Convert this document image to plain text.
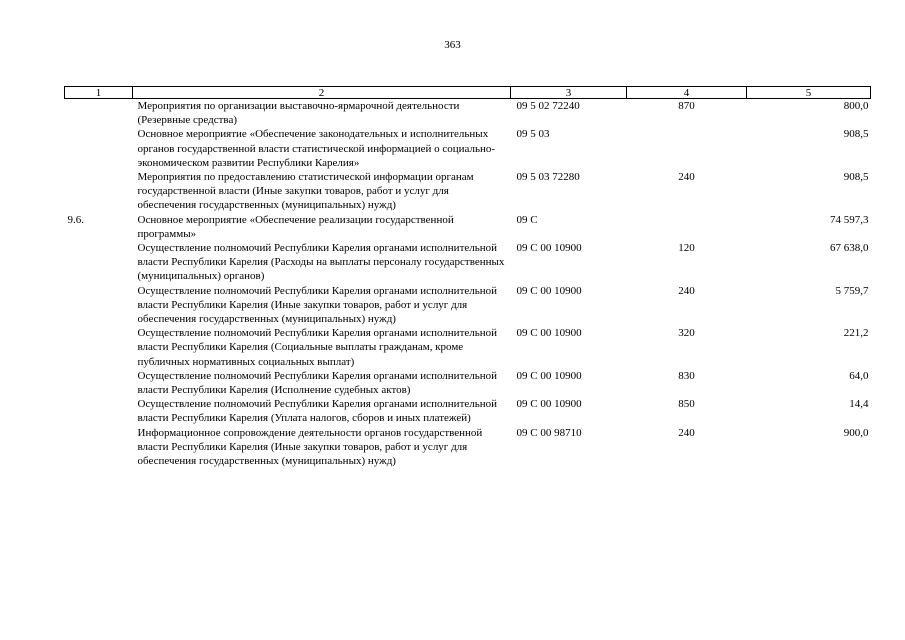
363
1	2	3	4	5
	Мероприятия по организации выставочно-ярмарочной деятельности (Резервные средства)	09 5 02 72240	870	800,0
	Основное мероприятие «Обеспечение законодательных и исполнительных органов государственной власти статистической информацией о социально-экономическом развитии Республики Карелия»	09 5 03		908,5
	Мероприятия по предоставлению статистической информации органам государственной власти (Иные закупки товаров, работ и услуг для обеспечения государственных (муниципальных) нужд)	09 5 03 72280	240	908,5
9.6.	Основное мероприятие «Обеспечение реализации государственной программы»	09 С		74 597,3
	Осуществление полномочий Республики Карелия органами исполнительной власти Республики Карелия (Расходы на выплаты персоналу государственных (муниципальных) органов)	09 С 00 10900	120	67 638,0
	Осуществление полномочий Республики Карелия органами исполнительной власти Республики Карелия (Иные закупки товаров, работ и услуг для обеспечения государственных (муниципальных) нужд)	09 С 00 10900	240	5 759,7
	Осуществление полномочий Республики Карелия органами исполнительной власти Республики Карелия (Социальные выплаты гражданам, кроме публичных нормативных социальных выплат)	09 С 00 10900	320	221,2
	Осуществление полномочий Республики Карелия органами исполнительной власти Республики Карелия (Исполнение судебных актов)	09 С 00 10900	830	64,0
	Осуществление полномочий Республики Карелия органами исполнительной власти Республики Карелия (Уплата налогов, сборов и иных платежей)	09 С 00 10900	850	14,4
	Информационное сопровождение деятельности органов государственной власти Республики Карелия (Иные закупки товаров, работ и услуг для обеспечения государственных (муниципальных) нужд)	09 С 00 98710	240	900,0
